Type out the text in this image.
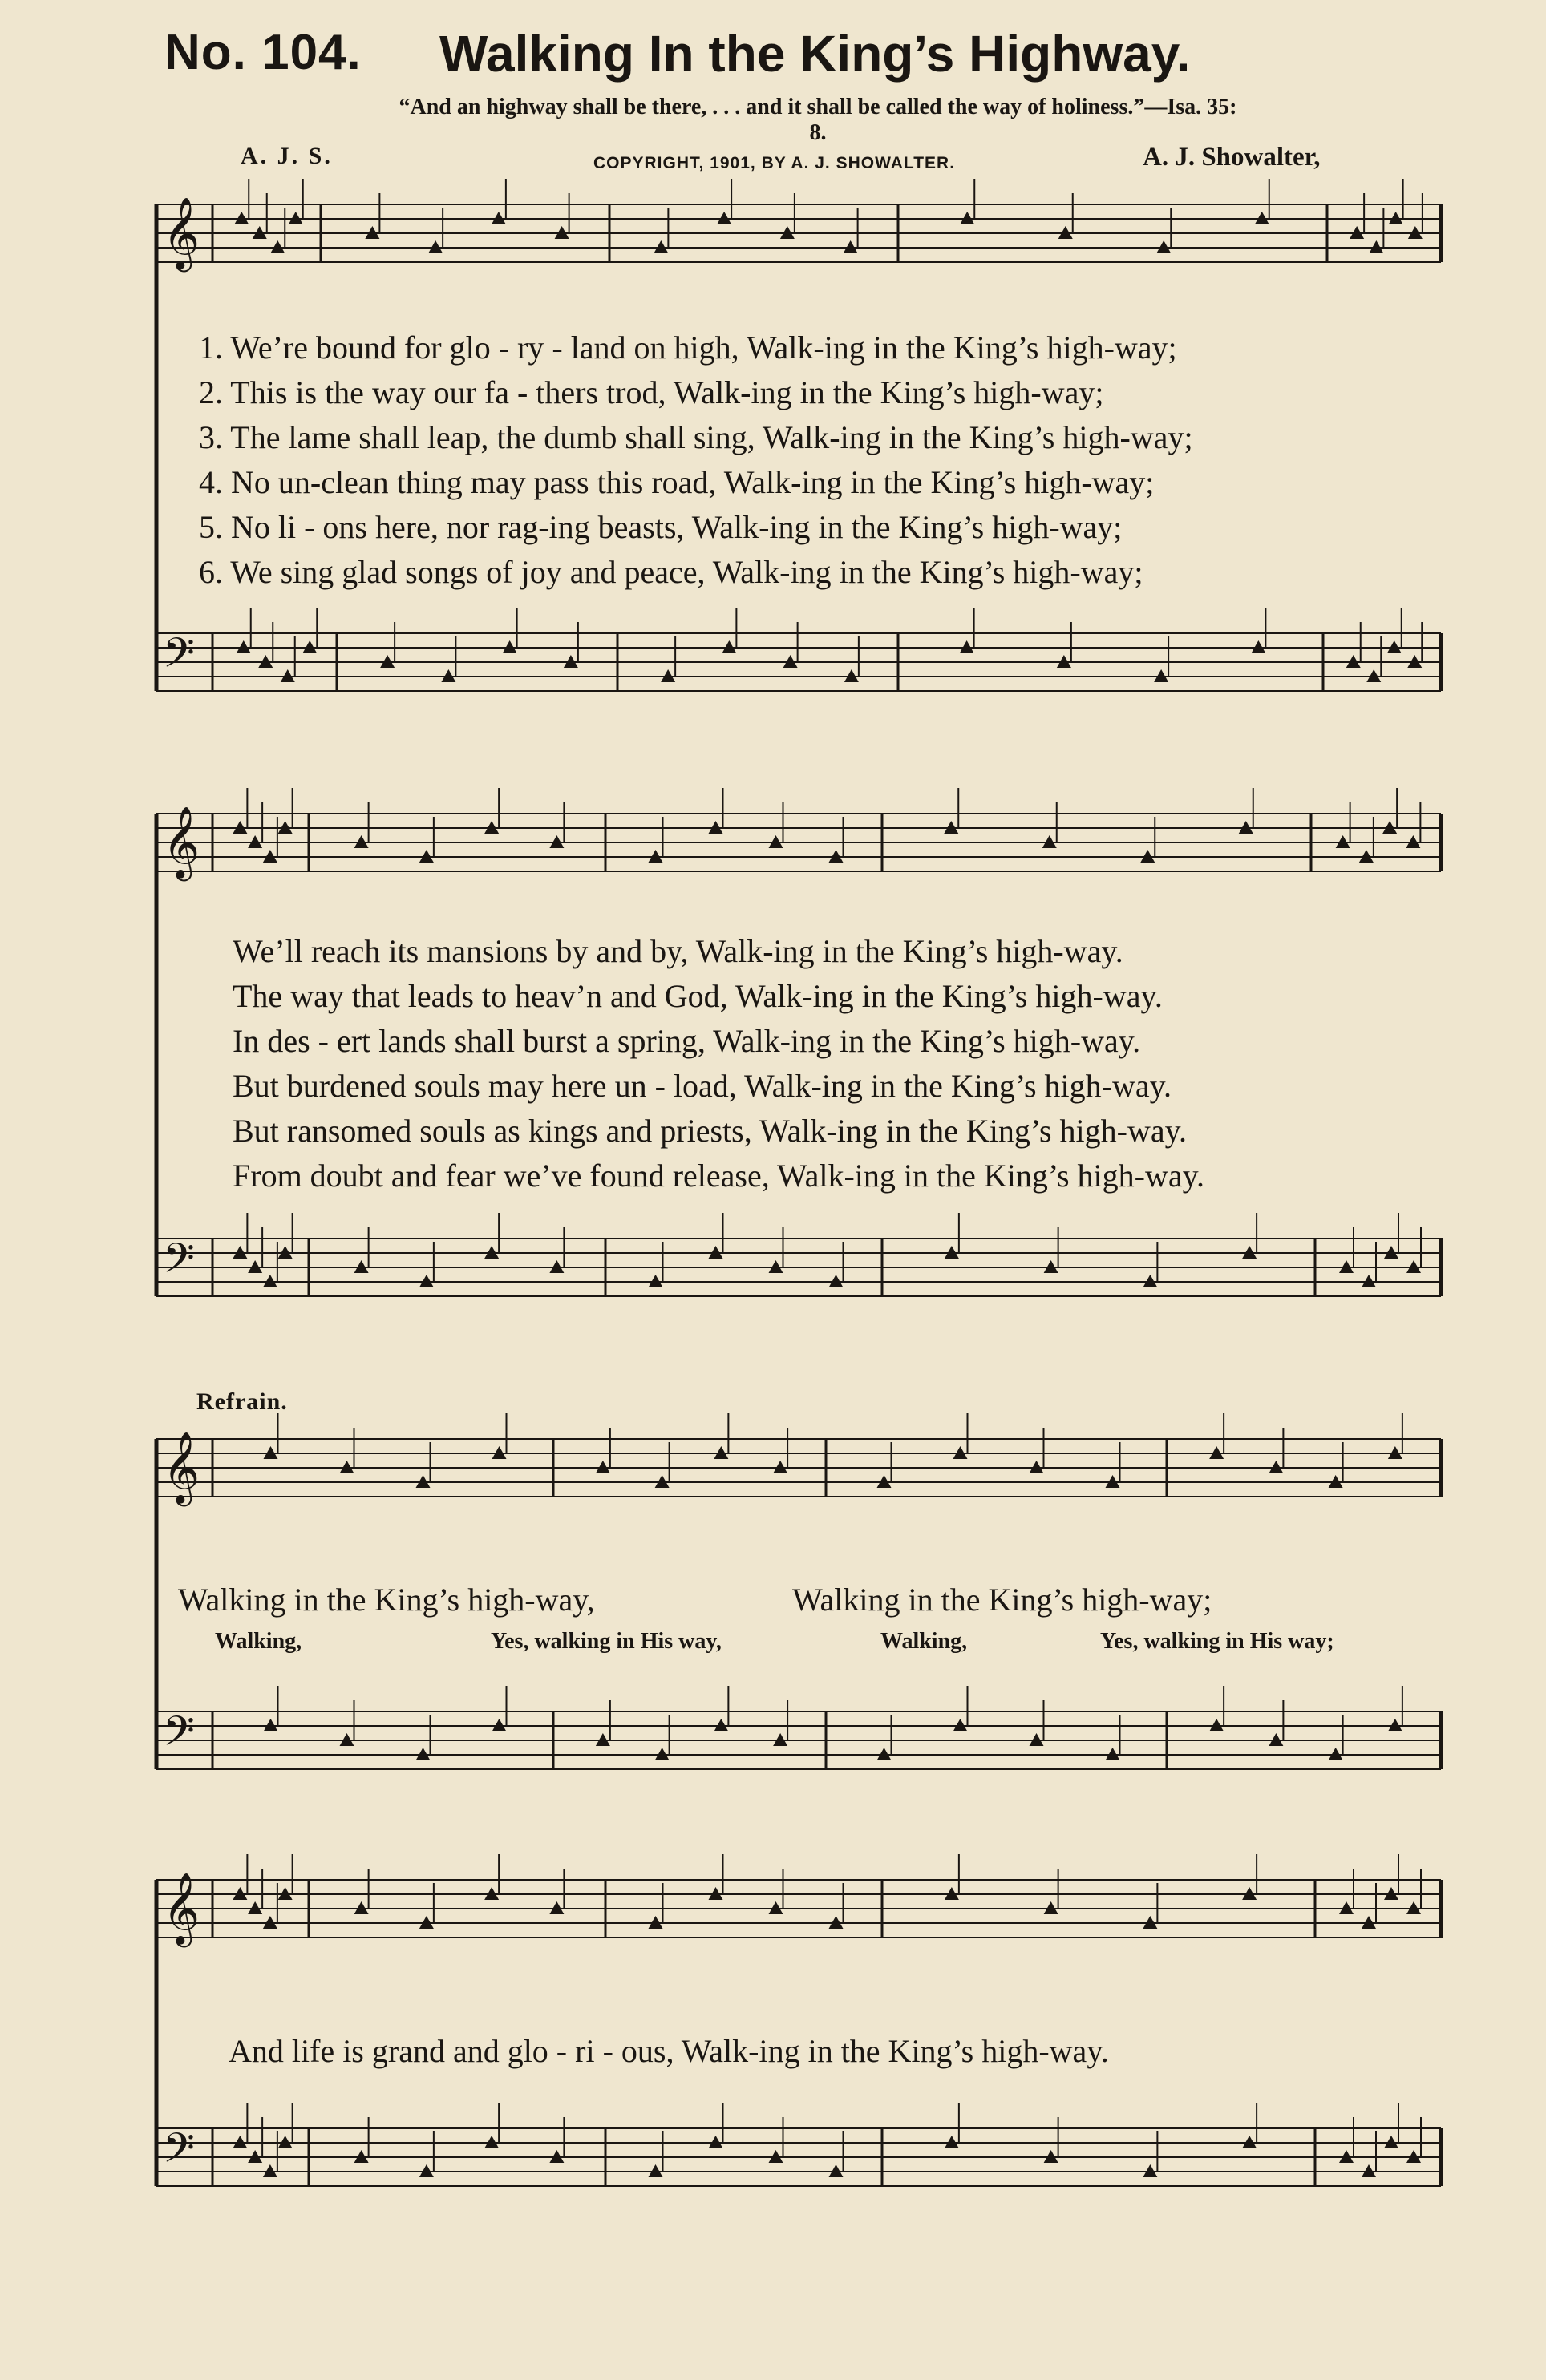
No. 104. Walking In the King’s Highway.
“And an highway shall be there, . . . and it shall be called the way of holiness.”—Isa. 35: 8.
A. J. S.	COPYRIGHT, 1901, BY A. J. SHOWALTER.	A. J. Showalter,
𝄞
𝄢
𝄞
𝄢
𝄞
𝄢
𝄞
𝄢
1. We’re bound for glo - ry - land on high, Walk-ing in the King’s high-way;
2. This is the way our fa - thers trod, Walk-ing in the King’s high-way;
3. The lame shall leap, the dumb shall sing, Walk-ing in the King’s high-way;
4. No un-clean thing may pass this road, Walk-ing in the King’s high-way;
5. No li - ons here, nor rag-ing beasts, Walk-ing in the King’s high-way;
6. We sing glad songs of joy and peace, Walk-ing in the King’s high-way;
We’ll reach its mansions by and by, Walk-ing in the King’s high-way.
The way that leads to heav’n and God, Walk-ing in the King’s high-way.
In des - ert lands shall burst a spring, Walk-ing in the King’s high-way.
But burdened souls may here un - load, Walk-ing in the King’s high-way.
But ransomed souls as kings and priests, Walk-ing in the King’s high-way.
From doubt and fear we’ve found release, Walk-ing in the King’s high-way.
Refrain.
Walking in the King’s high-way,	Walking in the King’s high-way;
Walking,	Yes, walking in His way,	Walking,	Yes, walking in His way;
And life is grand and glo - ri - ous, Walk-ing in the King’s high-way.
